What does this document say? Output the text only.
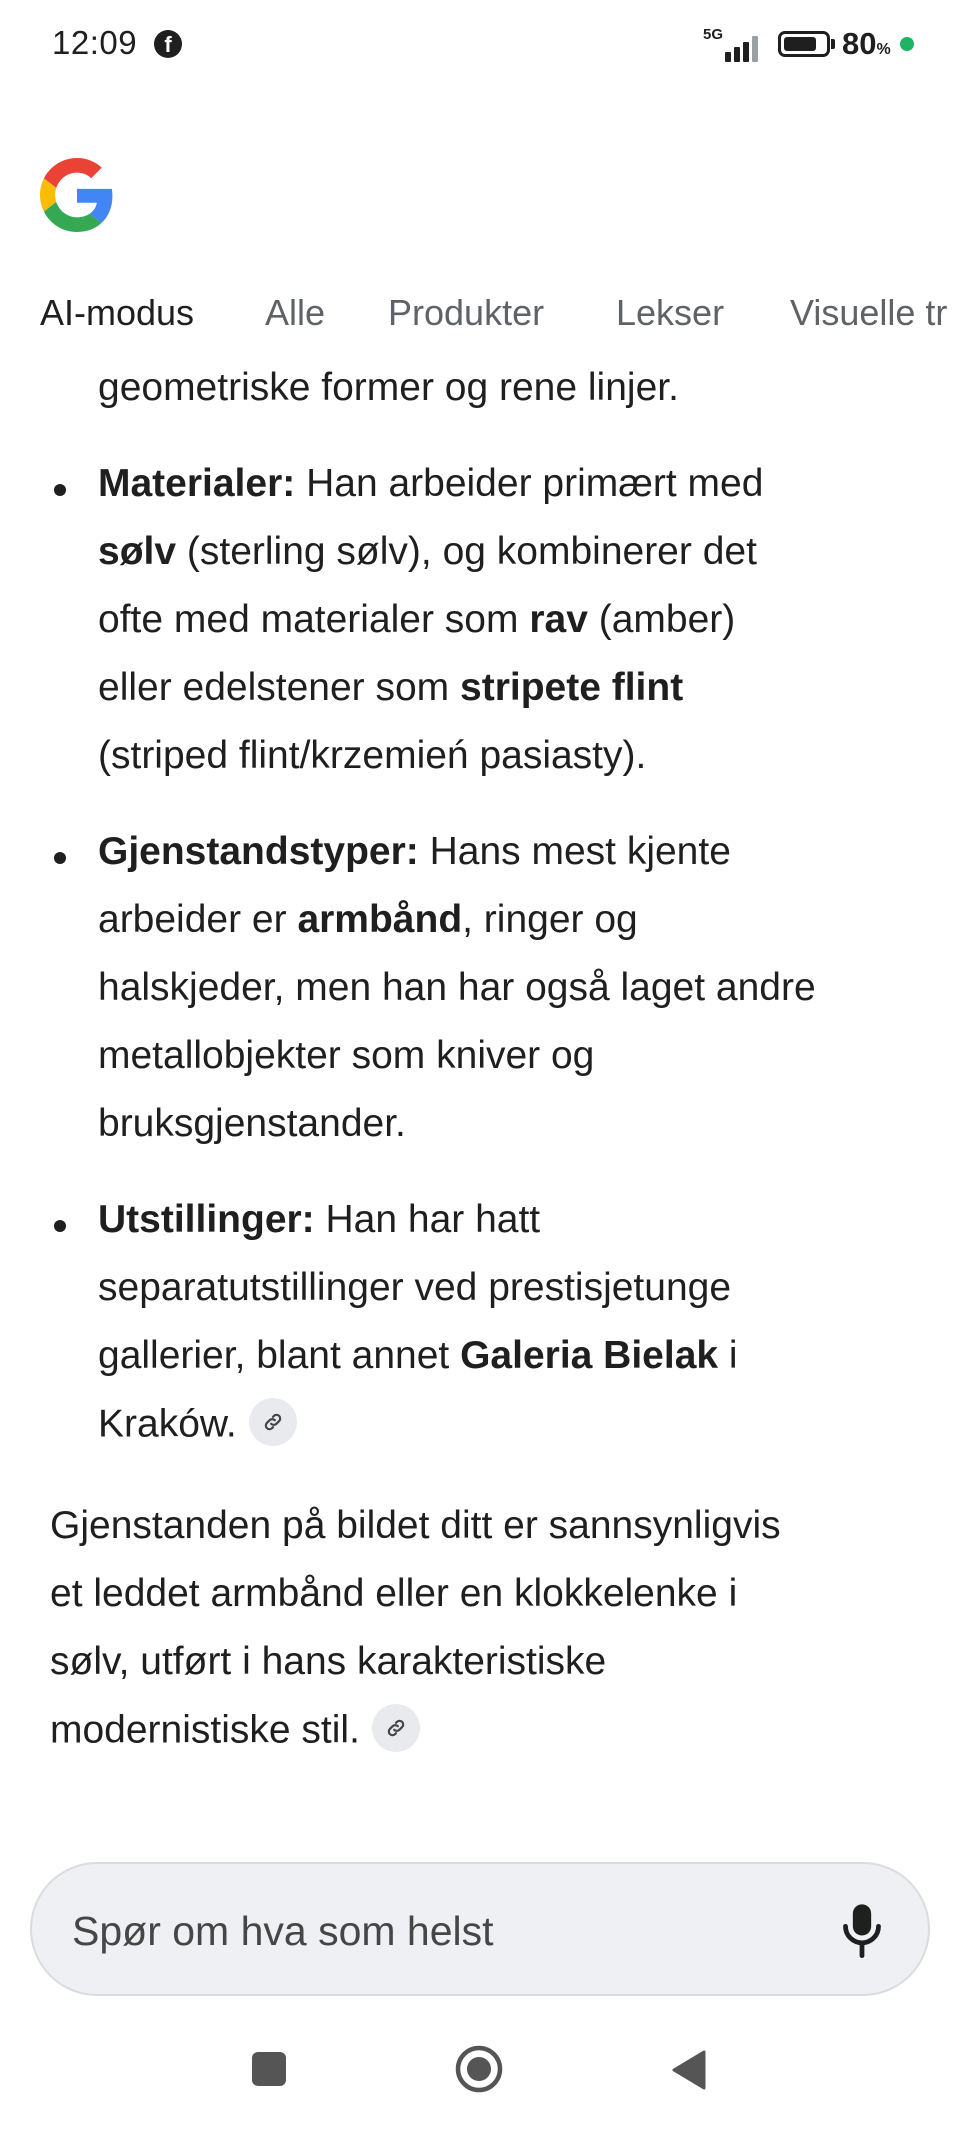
12:09	f	5G	80%
AI-modus Alle Produkter Lekser Visuelle tr
geometriske former og rene linjer.
Materialer: Han arbeider primært med
sølv (sterling sølv), og kombinerer det
ofte med materialer som rav (amber)
eller edelstener som stripete flint
(striped flint/krzemień pasiasty).
Gjenstandstyper: Hans mest kjente
arbeider er armbånd, ringer og
halskjeder, men han har også laget andre
metallobjekter som kniver og
bruksgjenstander.
Utstillinger: Han har hatt
separatutstillinger ved prestisjetunge
gallerier, blant annet Galeria Bielak i
Kraków.
Gjenstanden på bildet ditt er sannsynligvis
et leddet armbånd eller en klokkelenke i
sølv, utført i hans karakteristiske
modernistiske stil.
Spør om hva som helst
